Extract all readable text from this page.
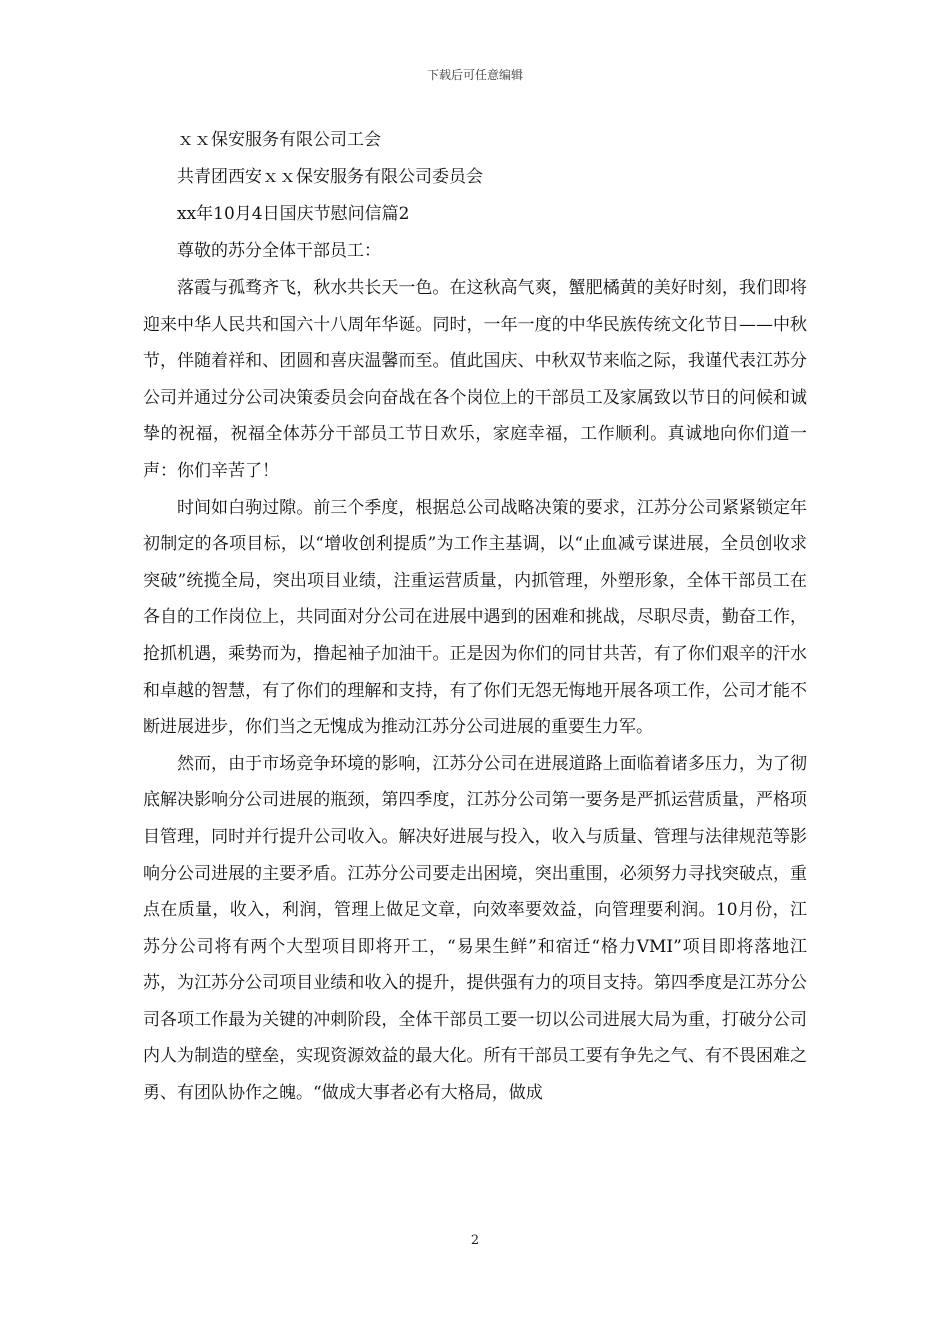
下载后可任意编辑

ｘｘ保安服务有限公司工会

共青团西安ｘｘ保安服务有限公司委员会

xx年10月4日国庆节慰问信篇2

尊敬的苏分全体干部员工：

落霞与孤骛齐飞，秋水共长天一色。在这秋高气爽，蟹肥橘黄的美好时刻，我们即将迎来中华人民共和国六十八周年华诞。同时，一年一度的中华民族传统文化节日——中秋节，伴随着祥和、团圆和喜庆温馨而至。值此国庆、中秋双节来临之际，我谨代表江苏分公司并通过分公司决策委员会向奋战在各个岗位上的干部员工及家属致以节日的问候和诚挚的祝福，祝福全体苏分干部员工节日欢乐，家庭幸福，工作顺利。真诚地向你们道一声：你们辛苦了！

时间如白驹过隙。前三个季度，根据总公司战略决策的要求，江苏分公司紧紧锁定年初制定的各项目标，以“增收创利提质”为工作主基调，以“止血减亏谋进展，全员创收求突破”统揽全局，突出项目业绩，注重运营质量，内抓管理，外塑形象，全体干部员工在各自的工作岗位上，共同面对分公司在进展中遇到的困难和挑战，尽职尽责，勤奋工作，抢抓机遇，乘势而为，撸起袖子加油干。正是因为你们的同甘共苦，有了你们艰辛的汗水和卓越的智慧，有了你们的理解和支持，有了你们无怨无悔地开展各项工作，公司才能不断进展进步，你们当之无愧成为推动江苏分公司进展的重要生力军。

然而，由于市场竞争环境的影响，江苏分公司在进展道路上面临着诸多压力，为了彻底解决影响分公司进展的瓶颈，第四季度，江苏分公司第一要务是严抓运营质量，严格项目管理，同时并行提升公司收入。解决好进展与投入，收入与质量、管理与法律规范等影响分公司进展的主要矛盾。江苏分公司要走出困境，突出重围，必须努力寻找突破点，重点在质量，收入，利润，管理上做足文章，向效率要效益，向管理要利润。10月份，江苏分公司将有两个大型项目即将开工，“易果生鲜”和宿迁“格力VMI”项目即将落地江苏，为江苏分公司项目业绩和收入的提升，提供强有力的项目支持。第四季度是江苏分公司各项工作最为关键的冲刺阶段，全体干部员工要一切以公司进展大局为重，打破分公司内人为制造的壁垒，实现资源效益的最大化。所有干部员工要有争先之气、有不畏困难之勇、有团队协作之魄。“做成大事者必有大格局，做成

2
